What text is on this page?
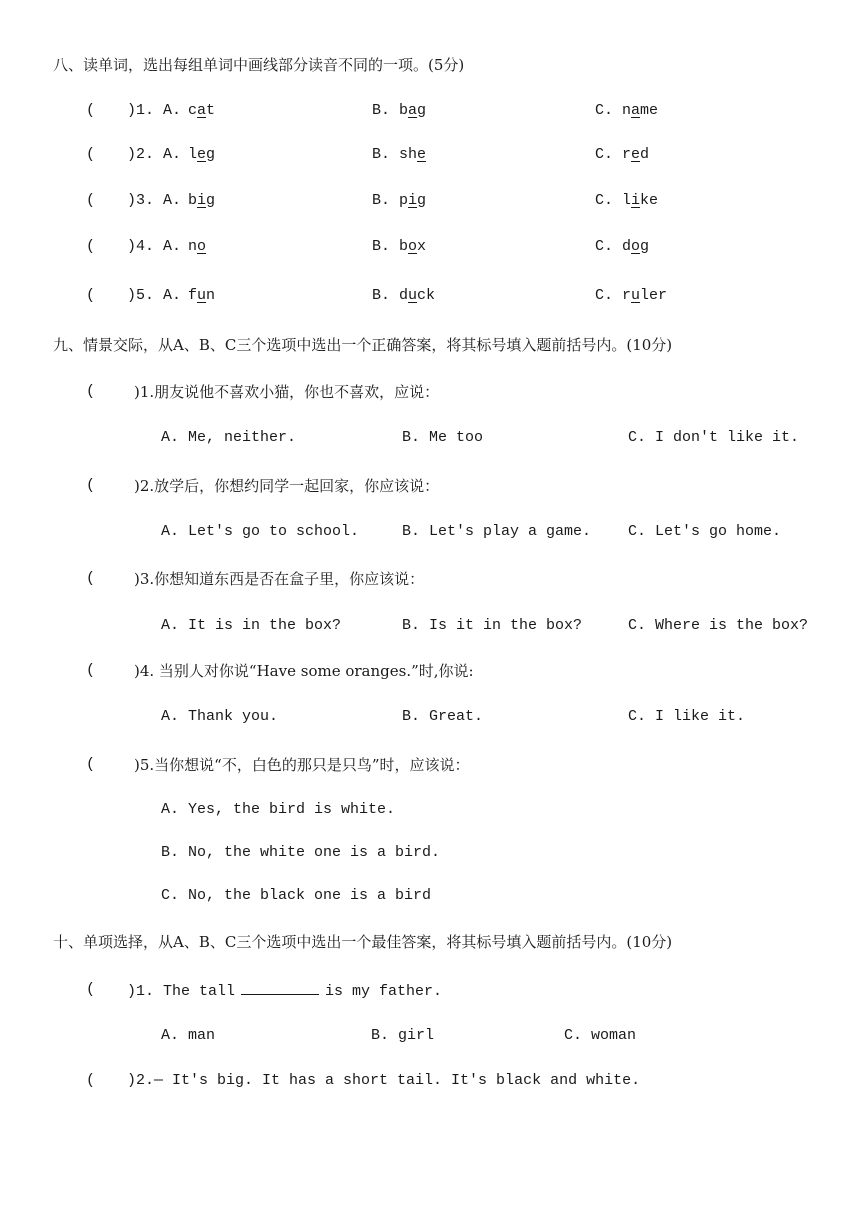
八、读单词，选出每组单词中画线部分读音不同的一项。(5分)
( )1. A. cat	B. bag	C. name
( )2. A. leg	B. she	C. red
( )3. A. big	B. pig	C. like
( )4. A. no	B. box	C. dog
( )5. A. fun	B. duck	C. ruler
九、情景交际，从A、B、C三个选项中选出一个正确答案，将其标号填入题前括号内。(10分)
(	)1.朋友说他不喜欢小猫，你也不喜欢，应说：
A. Me, neither.	B. Me too	C. I don't like it.
(	)2.放学后，你想约同学一起回家，你应该说：
A. Let's go to school.	B. Let's play a game. C. Let's go home.
(	)3.你想知道东西是否在盒子里，你应该说：
A. It is in the box?	B. Is it in the box?	C. Where is the box?
(	)4. 当别人对你说“Have some oranges.”时,你说:
A. Thank you.	B. Great.	C. I like it.
(	)5.当你想说“不，白色的那只是只鸟”时，应该说：
A. Yes, the bird is white.
B. No, the white one is a bird.
C. No, the black one is a bird
十、单项选择，从A、B、C三个选项中选出一个最佳答案，将其标号填入题前括号内。(10分)
( )1. The tall	is my father.
A. man	B. girl	C. woman
( )2.— It's big. It has a short tail. It's black and white.
